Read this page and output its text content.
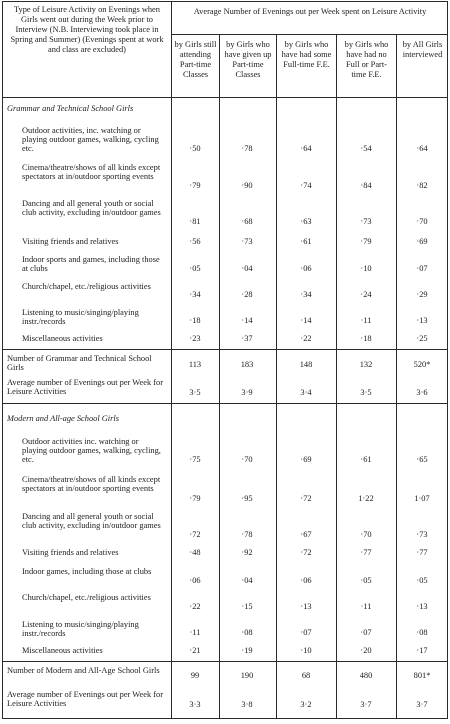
Type of Leisure Activity on Evenings when Girls went out during the Week prior to Interview (N.B. Interviewing took place in Spring and Summer) (Evenings spent at work and class are excluded)
Average Number of Evenings out per Week spent on Leisure Activity
by Girls still attending Part-time Classes
by Girls who have given up Part-time Classes
by Girls who have had some Full-time F.E.
by Girls who have had no Full or Part-time F.E.
by All Girls interviewed
Grammar and Technical School Girls
Outdoor activities, inc. watching or playing outdoor games, walking, cycling etc.	·50	·78	·64	·54	·64
Cinema/theatre/shows of all kinds except spectators at in/outdoor sporting events
·79	·90	·74	·84	·82
Dancing and all general youth or social club activity, excluding in/outdoor games
·81	·68	·63	·73	·70
Visiting friends and relatives	·56	·73	·61	·79	·69
Indoor sports and games, including those at clubs	·05	·04	·06	·10	·07
Church/chapel, etc./religious activities
·34	·28	·34	·24	·29
Listening to music/singing/playing instr./records	·18	·14	·14	·11	·13
Miscellaneous activities	·23	·37	·22	·18	·25
Number of Grammar and Technical School Girls	113	183	148	132	520*
Average number of Evenings out per Week for Leisure Activities	3·5	3·9	3·4	3·5	3·6
Modern and All-age School Girls
Outdoor activities inc. watching or playing outdoor games, walking, cycling, etc.	·75	·70	·69	·61	·65
Cinema/theatre/shows of all kinds except spectators at in/outdoor sporting events
·79	·95	·72	1·22	1·07
Dancing and all general youth or social club activity, excluding in/outdoor games
·72	·78	·67	·70	·73
Visiting friends and relatives	·48	·92	·72	·77	·77
Indoor games, including those at clubs
·06	·04	·06	·05	·05
Church/chapel, etc./religious activities
·22	·15	·13	·11	·13
Listening to music/singing/playing instr./records	·11	·08	·07	·07	·08
Miscellaneous activities	·21	·19	·10	·20	·17
Number of Modern and All-Age School Girls
99	190	68	480	801*
Average number of Evenings out per Week for Leisure Activities	3·3	3·8	3·2	3·7	3·7
